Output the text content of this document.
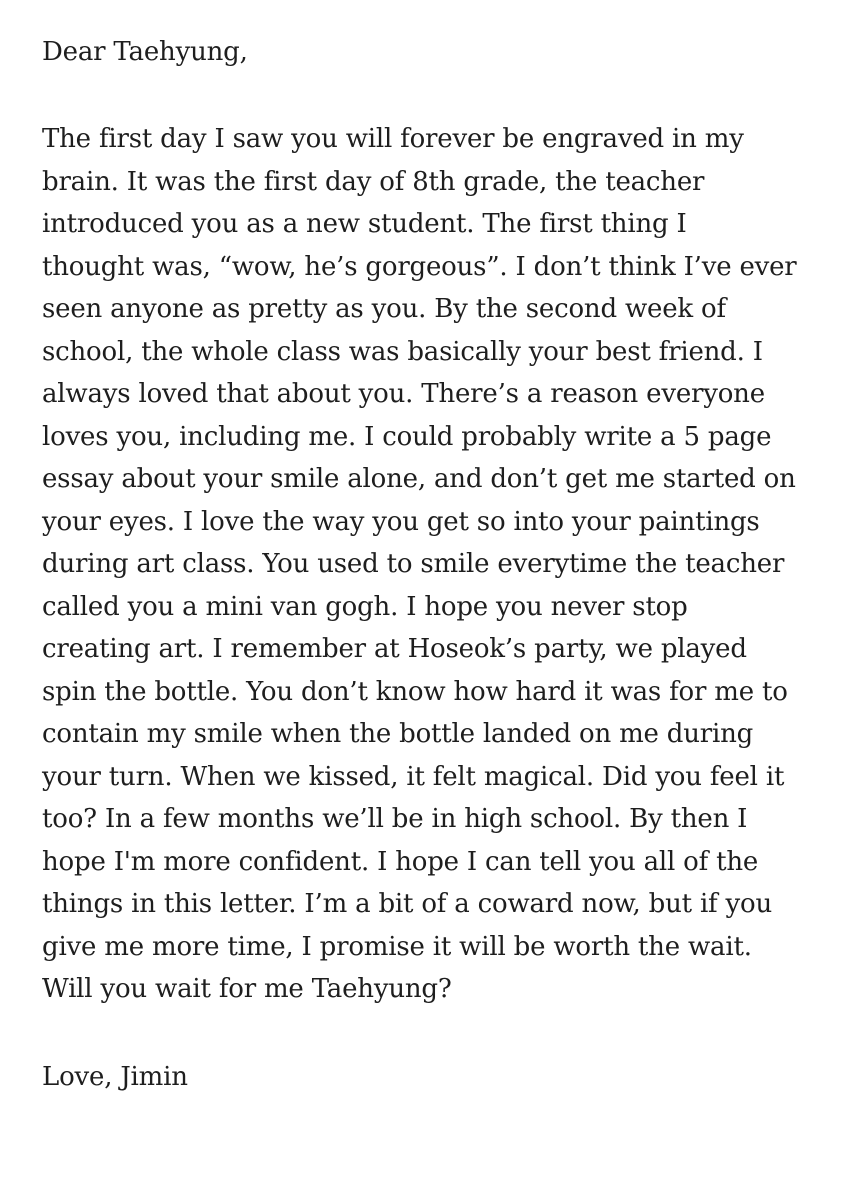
Dear Taehyung,

The first day I saw you will forever be engraved in my
brain. It was the first day of 8th grade, the teacher
introduced you as a new student. The first thing I
thought was, “wow, he’s gorgeous”. I don’t think I’ve ever
seen anyone as pretty as you. By the second week of
school, the whole class was basically your best friend. I
always loved that about you. There’s a reason everyone
loves you, including me. I could probably write a 5 page
essay about your smile alone, and don’t get me started on
your eyes. I love the way you get so into your paintings
during art class. You used to smile everytime the teacher
called you a mini van gogh. I hope you never stop
creating art. I remember at Hoseok’s party, we played
spin the bottle. You don’t know how hard it was for me to
contain my smile when the bottle landed on me during
your turn. When we kissed, it felt magical. Did you feel it
too? In a few months we’ll be in high school. By then I
hope I'm more confident. I hope I can tell you all of the
things in this letter. I’m a bit of a coward now, but if you
give me more time, I promise it will be worth the wait.
Will you wait for me Taehyung?

Love, Jimin
